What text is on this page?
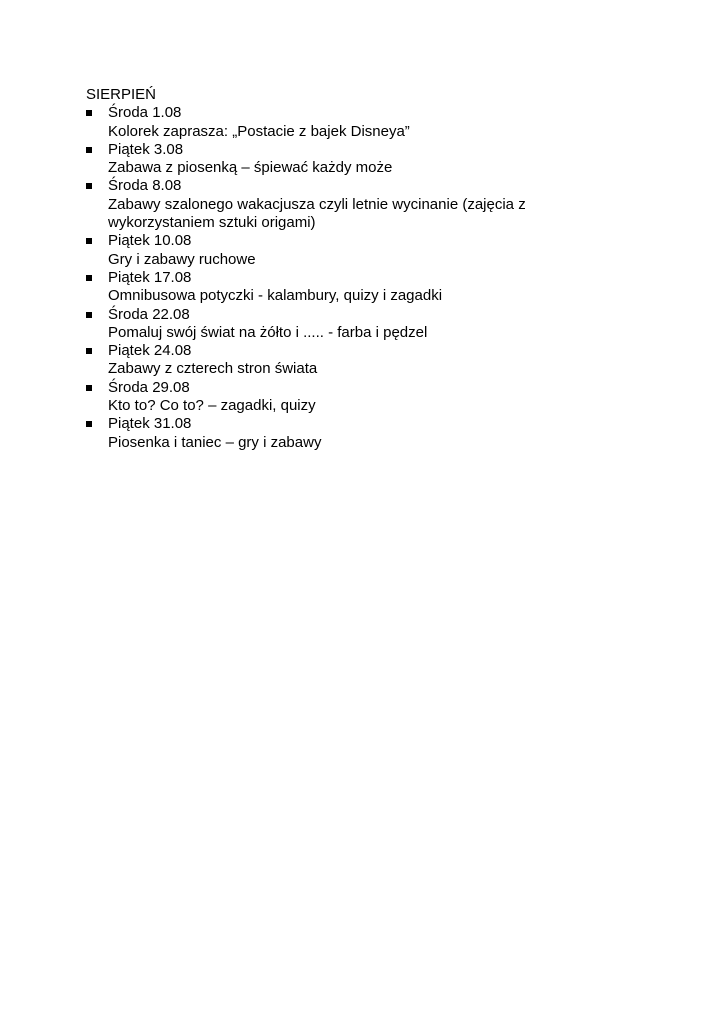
SIERPIEŃ

Środa 1.08
Kolorek zaprasza: „Postacie z bajek Disneya”
Piątek 3.08
Zabawa z piosenką – śpiewać każdy może
Środa 8.08
Zabawy szalonego wakacjusza czyli letnie wycinanie (zajęcia z wykorzystaniem sztuki origami)
Piątek 10.08
Gry i zabawy ruchowe
Piątek 17.08
Omnibusowa potyczki - kalambury, quizy i zagadki
Środa 22.08
Pomaluj swój świat na żółto i ..... - farba i pędzel
Piątek 24.08
Zabawy z czterech stron świata
Środa 29.08
Kto to? Co to? – zagadki, quizy
Piątek 31.08
Piosenka i taniec – gry i zabawy
